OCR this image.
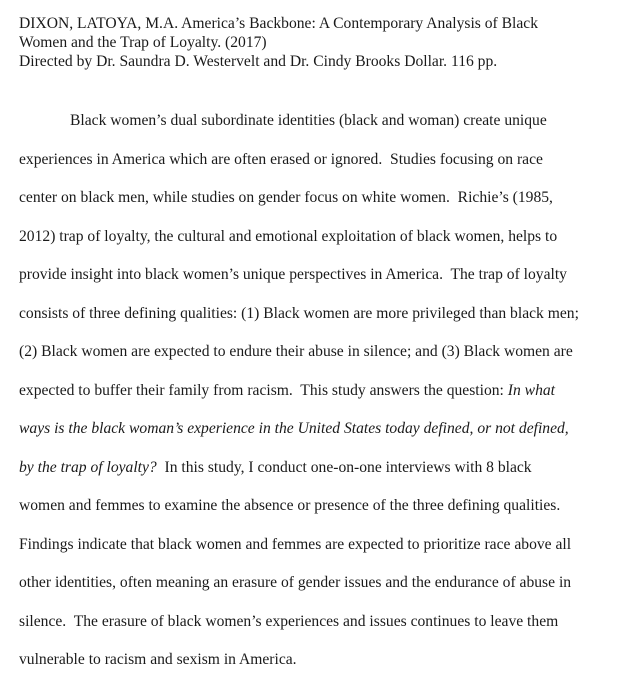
DIXON, LATOYA, M.A. America’s Backbone: A Contemporary Analysis of Black
Women and the Trap of Loyalty. (2017)
Directed by Dr. Saundra D. Westervelt and Dr. Cindy Brooks Dollar. 116 pp.
Black women’s dual subordinate identities (black and woman) create unique
experiences in America which are often erased or ignored.  Studies focusing on race
center on black men, while studies on gender focus on white women.  Richie’s (1985,
2012) trap of loyalty, the cultural and emotional exploitation of black women, helps to
provide insight into black women’s unique perspectives in America.  The trap of loyalty
consists of three defining qualities: (1) Black women are more privileged than black men;
(2) Black women are expected to endure their abuse in silence; and (3) Black women are
expected to buffer their family from racism.  This study answers the question: In what
ways is the black woman’s experience in the United States today defined, or not defined,
by the trap of loyalty?  In this study, I conduct one-on-one interviews with 8 black
women and femmes to examine the absence or presence of the three defining qualities.
Findings indicate that black women and femmes are expected to prioritize race above all
other identities, often meaning an erasure of gender issues and the endurance of abuse in
silence.  The erasure of black women’s experiences and issues continues to leave them
vulnerable to racism and sexism in America.
